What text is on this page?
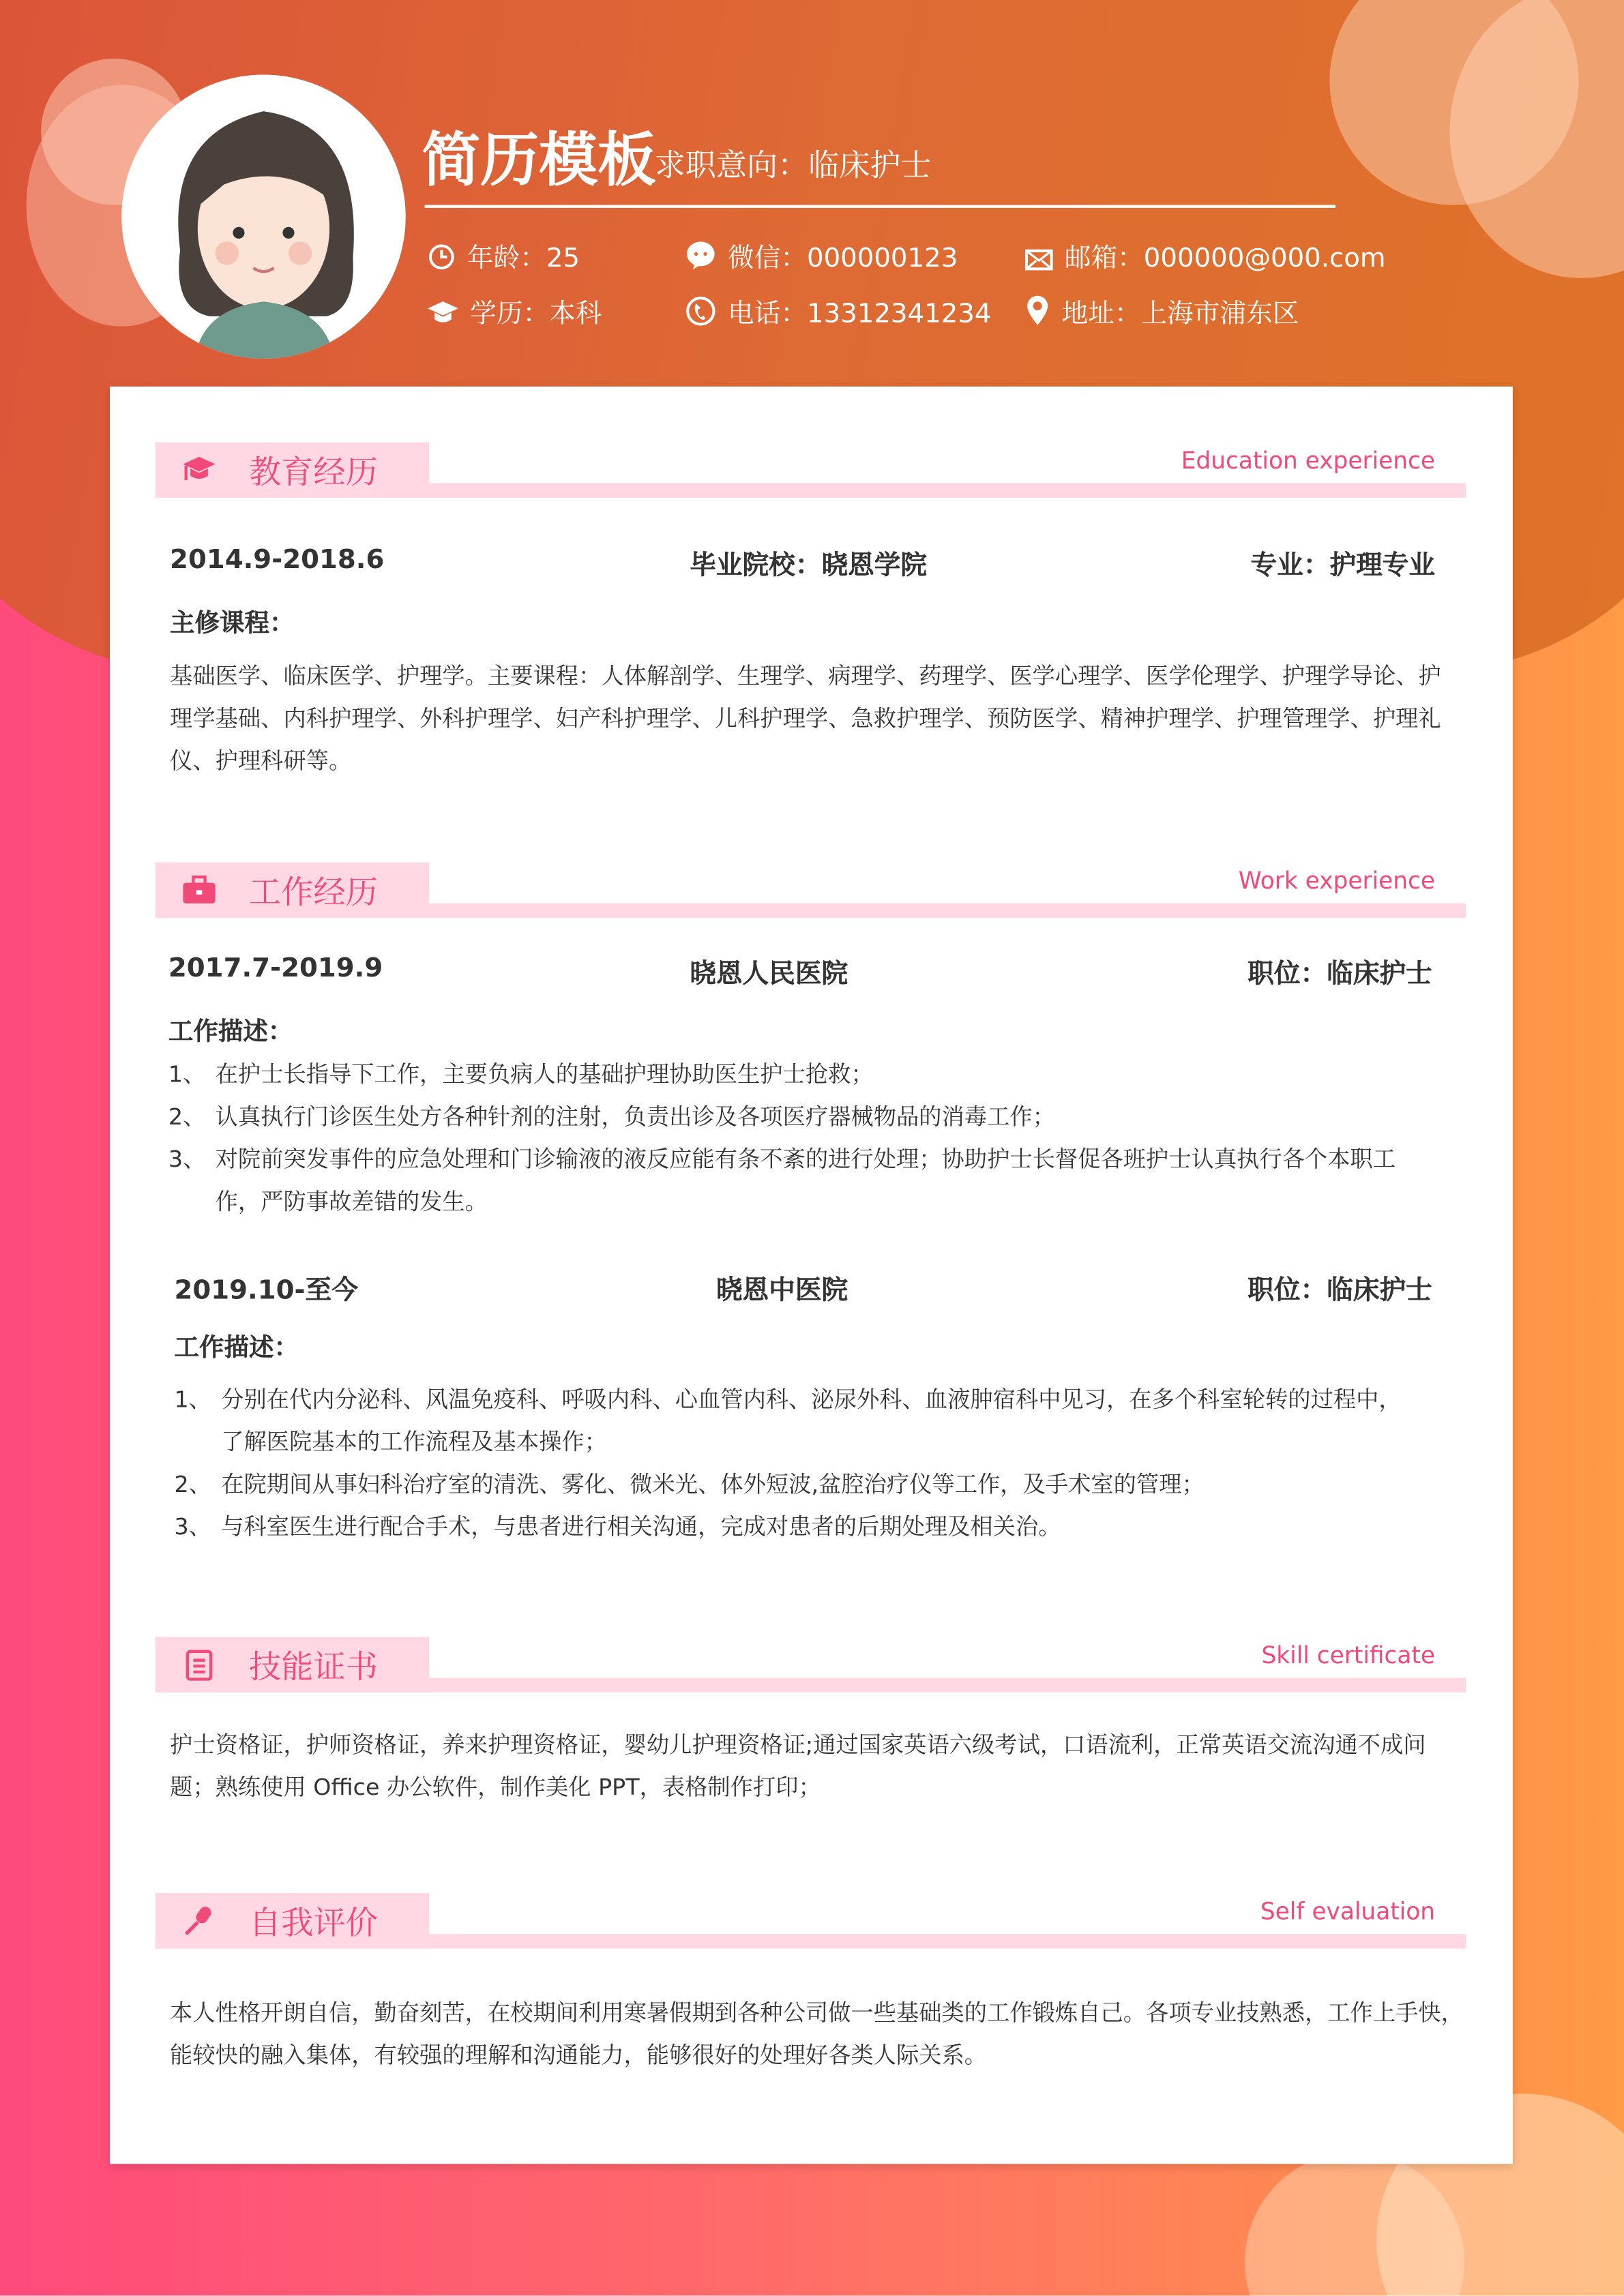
简历模板
求职意向：临床护士
年龄：25	微信：000000123	邮箱：000000@000.com
学历：本科	电话：13312341234	地址：上海市浦东区
教育经历	Education experience
2014.9-2018.6	毕业院校：晓恩学院	专业：护理专业
主修课程：
基础医学、临床医学、护理学。主要课程：人体解剖学、生理学、病理学、药理学、医学心理学、医学伦理学、护理学导论、护理学基础、内科护理学、外科护理学、妇产科护理学、儿科护理学、急救护理学、预防医学、精神护理学、护理管理学、护理礼仪、护理科研等。
工作经历	Work experience
2017.7-2019.9	晓恩人民医院	职位：临床护士
工作描述：
1、 在护士长指导下工作，主要负病人的基础护理协助医生护士抢救；
2、 认真执行门诊医生处方各种针剂的注射，负责出诊及各项医疗器械物品的消毒工作；
3、 对院前突发事件的应急处理和门诊输液的液反应能有条不紊的进行处理；协助护士长督促各班护士认真执行各个本职工作，严防事故差错的发生。
2019.10-至今	晓恩中医院	职位：临床护士
工作描述：
1、 分别在代内分泌科、风温免疫科、呼吸内科、心血管内科、泌尿外科、血液肿宿科中见习，在多个科室轮转的过程中，了解医院基本的工作流程及基本操作；
2、 在院期间从事妇科治疗室的清洗、雾化、微米光、体外短波,盆腔治疗仪等工作，及手术室的管理；
3、 与科室医生进行配合手术，与患者进行相关沟通，完成对患者的后期处理及相关治。
技能证书	Skill certificate
护士资格证，护师资格证，养来护理资格证，婴幼儿护理资格证;通过国家英语六级考试，口语流利，正常英语交流沟通不成问题；熟练使用 Office 办公软件，制作美化 PPT，表格制作打印；
自我评价	Self evaluation
本人性格开朗自信，勤奋刻苦，在校期间利用寒暑假期到各种公司做一些基础类的工作锻炼自己。各项专业技熟悉，工作上手快，能较快的融入集体，有较强的理解和沟通能力，能够很好的处理好各类人际关系。
